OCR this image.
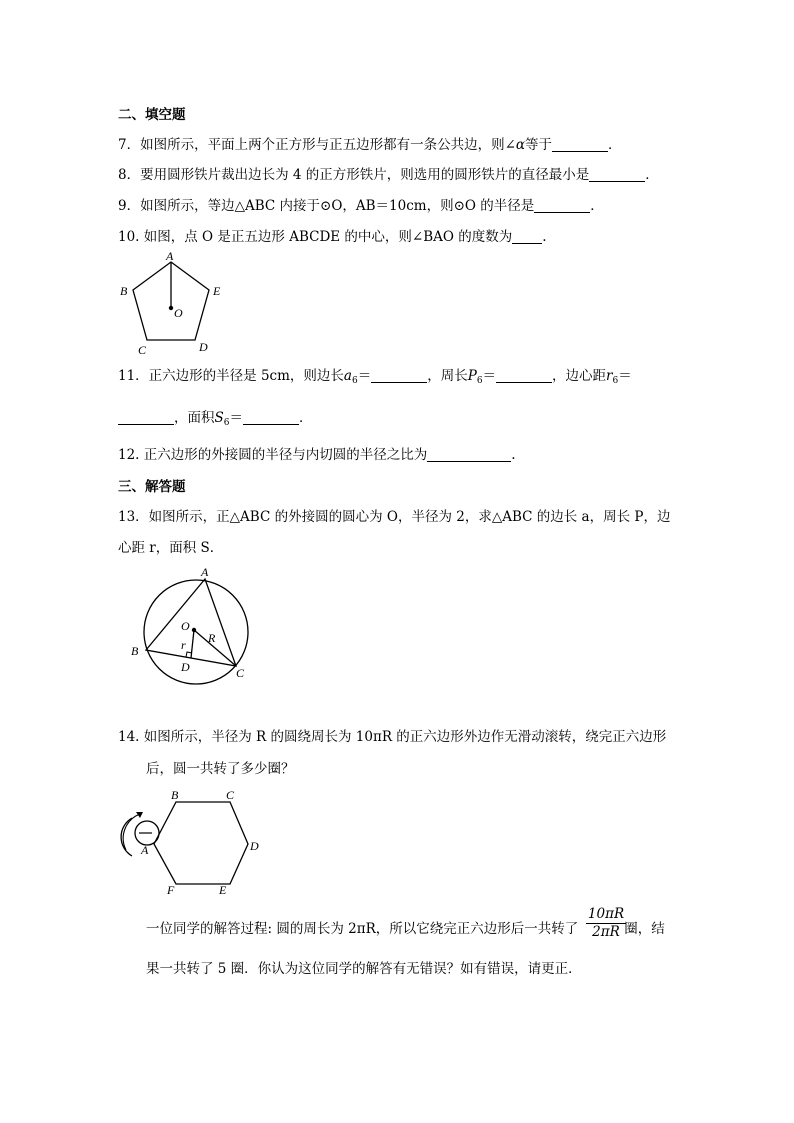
二、填空题
7．如图所示，平面上两个正方形与正五边形都有一条公共边，则∠α等于	．
8．要用圆形铁片裁出边长为 4 的正方形铁片，则选用的圆形铁片的直径最小是	．
9．如图所示，等边△ABC 内接于⊙O，AB＝10cm，则⊙O 的半径是	．
10. 如图，点 O 是正五边形 ABCDE 的中心，则∠BAO 的度数为 .
A
B	E
O
C	D
11．正六边形的半径是 5cm，则边长$a_6=$	，周长$P_6=$	，边心距$r_6=$
，面积$S_6=$	．
12. 正六边形的外接圆的半径与内切圆的半径之比为	.
三、解答题
13．如图所示，正△ABC 的外接圆的圆心为 O，半径为 2，求△ABC 的边长 a，周长 P，边
心距 r，面积 S．
A
O
R
r
B
D	C
14. 如图所示，半径为 R 的圆绕周长为 10πR 的正六边形外边作无滑动滚转，绕完正六边形
后，圆一共转了多少圈？
B	C
D
A
F	E
一位同学的解答过程: 圆的周长为 2πR，所以它绕完正六边形后一共转了	圈，结
$\frac{10\pi R}{2\pi R}$
果一共转了 5 圈．你认为这位同学的解答有无错误？如有错误，请更正．
